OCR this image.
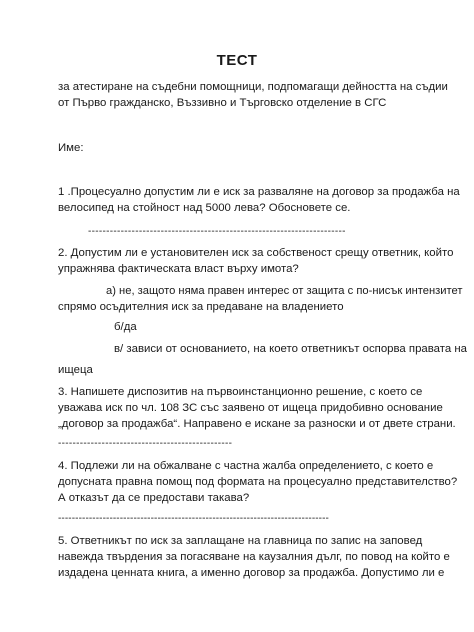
ТЕСТ
за атестиране на съдебни помощници, подпомагащи дейността на съдии
от Първо гражданско, Въззивно и Търговско отделение в СГС
Име:
1 .Процесуално допустим ли е иск за разваляне на договор за продажба на
велосипед на стойност над 5000 лева? Обосновете се.
-----------------------------------------------------------------------
2. Допустим ли е установителен иск за собственост срещу ответник, който
упражнява фактическата власт върху имота?
а) не, защото няма правен интерес от защита с по-нисък интензитет
спрямо осъдителния иск за предаване на владението
б/да
в/ зависи от основанието, на което ответникът оспорва правата на
ищеца
3. Напишете диспозитив на първоинстанционно решение, с което се
уважава иск по чл. 108 ЗС със заявено от ищеца придобивно основание
„договор за продажба“. Направено е искане за разноски и от двете страни.
------------------------------------------------
4. Подлежи ли на обжалване с частна жалба определението, с което е
допусната правна помощ под формата на процесуално представителство?
А отказът да се предостави такава?
-------------------------------------------------------------------------------
5. Ответникът по иск за заплащане на главница по запис на заповед
навежда твърдения за погасяване на каузалния дълг, по повод на който е
издадена ценната книга, а именно договор за продажба. Допустимо ли е
